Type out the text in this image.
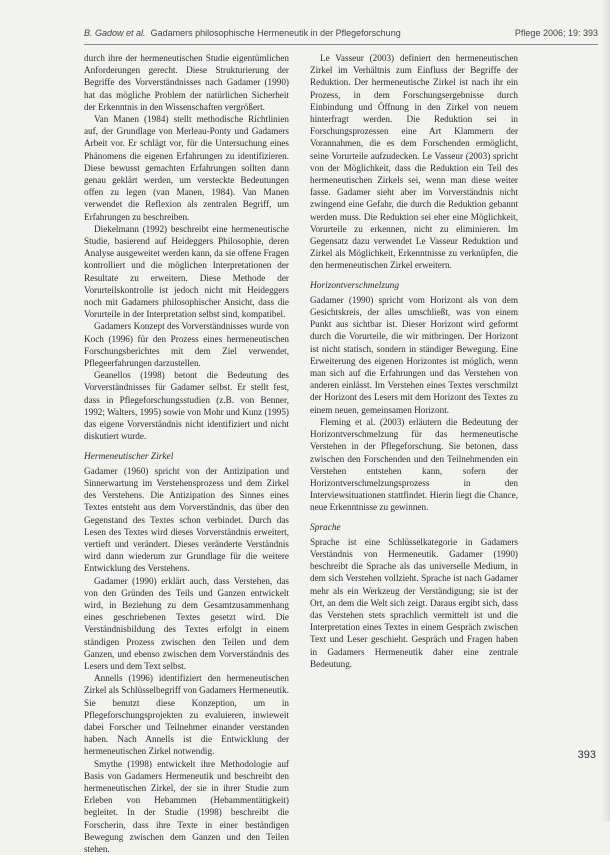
B. Gadow et al. Gadamers philosophische Hermeneutik in der Pflegeforschung	Pflege 2006; 19: 393

durch ihre der hermeneutischen Studie eigentümlichen Anforderungen gerecht. Diese Strukturierung der Begriffe des Vorverständnisses nach Gadamer (1990) hat das mögliche Problem der natürlichen Sicherheit der Erkenntnis in den Wissenschaften vergrößert.

Van Manen (1984) stellt methodische Richtlinien auf, der Grundlage von Merleau-Ponty und Gadamers Arbeit vor. Er schlägt vor, für die Untersuchung eines Phänomens die eigenen Erfahrungen zu identifizieren. Diese bewusst gemachten Erfahrungen sollten dann genau geklärt werden, um versteckte Bedeutungen offen zu legen (van Manen, 1984). Van Manen verwendet die Reflexion als zentralen Begriff, um Erfahrungen zu beschreiben.

Diekelmann (1992) beschreibt eine hermeneutische Studie, basierend auf Heideggers Philosophie, deren Analyse ausgeweitet werden kann, da sie offene Fragen kontrolliert und die möglichen Interpretationen der Resultate zu erweitern. Diese Methode der Vorurteilskontrolle ist jedoch nicht mit Heideggers noch mit Gadamers philosophischer Ansicht, dass die Vorurteile in der Interpretation selbst sind, kompatibel.

Gadamers Konzept des Vorverständnisses wurde von Koch (1996) für den Prozess eines hermeneutischen Forschungsberichtes mit dem Ziel verwendet, Pflegeerfahrungen darzustellen.

Geanellos (1998) betont die Bedeutung des Vorverständnisses für Gadamer selbst. Er stellt fest, dass in Pflegeforschungsstudien (z.B. von Benner, 1992; Walters, 1995) sowie von Mohr und Kunz (1995) das eigene Vorverständnis nicht identifiziert und nicht diskutiert wurde.

Hermeneutischer Zirkel

Gadamer (1960) spricht von der Antizipation und Sinnerwartung im Verstehensprozess und dem Zirkel des Verstehens. Die Antizipation des Sinnes eines Textes entsteht aus dem Vorverständnis, das über den Gegenstand des Textes schon verbindet. Durch das Lesen des Textes wird dieses Vorverständnis erweitert, vertieft und verändert. Dieses veränderte Verständnis wird dann wiederum zur Grundlage für die weitere Entwicklung des Verstehens.

Gadamer (1990) erklärt auch, dass Verstehen, das von den Gründen des Teils und Ganzen entwickelt wird, in Beziehung zu dem Gesamtzusammenhang eines geschriebenen Textes gesetzt wird. Die Verständnisbildung des Textes erfolgt in einem ständigen Prozess zwischen den Teilen und dem Ganzen, und ebenso zwischen dem Vorverständnis des Lesers und dem Text selbst.

Annells (1996) identifiziert den hermeneutischen Zirkel als Schlüsselbegriff von Gadamers Hermeneutik. Sie benutzt diese Konzeption, um in Pflegeforschungsprojekten zu evaluieren, inwieweit dabei Forscher und Teilnehmer einander verstanden haben. Nach Annells ist die Entwicklung der hermeneutischen Zirkel notwendig.

Smythe (1998) entwickelt ihre Methodologie auf Basis von Gadamers Hermeneutik und beschreibt den hermeneutischen Zirkel, der sie in ihrer Studie zum Erleben von Hebammen (Hebammentätigkeit) begleitet. In der Studie (1998) beschreibt die Forscherin, dass ihre Texte in einer beständigen Bewegung zwischen dem Ganzen und den Teilen stehen.

Le Vasseur (2003) definiert den hermeneutischen Zirkel im Verhältnis zum Einfluss der Begriffe der Reduktion. Der hermeneutische Zirkel ist nach ihr ein Prozess, in dem Forschungsergebnisse durch Einbindung und Öffnung in den Zirkel von neuem hinterfragt werden. Die Reduktion sei in Forschungsprozessen eine Art Klammern der Vorannahmen, die es dem Forschenden ermöglicht, seine Vorurteile aufzudecken. Le Vasseur (2003) spricht von der Möglichkeit, dass die Reduktion ein Teil des hermeneutischen Zirkels sei, wenn man diese weiter fasse. Gadamer sieht aber im Vorverständnis nicht zwingend eine Gefahr, die durch die Reduktion gebannt werden muss. Die Reduktion sei eher eine Möglichkeit, Vorurteile zu erkennen, nicht zu eliminieren. Im Gegensatz dazu verwendet Le Vasseur Reduktion und Zirkel als Möglichkeit, Erkenntnisse zu verknüpfen, die den hermeneutischen Zirkel erweitern.

Horizontverschmelzung

Gadamer (1990) spricht vom Horizont als von dem Gesichtskreis, der alles umschließt, was von einem Punkt aus sichtbar ist. Dieser Horizont wird geformt durch die Vorurteile, die wir mitbringen. Der Horizont ist nicht statisch, sondern in ständiger Bewegung. Eine Erweiterung des eigenen Horizontes ist möglich, wenn man sich auf die Erfahrungen und das Verstehen von anderen einlässt. Im Verstehen eines Textes verschmilzt der Horizont des Lesers mit dem Horizont des Textes zu einem neuen, gemeinsamen Horizont.

Fleming et al. (2003) erläutern die Bedeutung der Horizontverschmelzung für das hermeneutische Verstehen in der Pflegeforschung. Sie betonen, dass zwischen den Forschenden und den Teilnehmenden ein Verstehen entstehen kann, sofern der Horizontverschmelzungsprozess in den Interviewsituationen stattfindet. Hierin liegt die Chance, neue Erkenntnisse zu gewinnen.

Sprache

Sprache ist eine Schlüsselkategorie in Gadamers Verständnis von Hermeneutik. Gadamer (1990) beschreibt die Sprache als das universelle Medium, in dem sich Verstehen vollzieht. Sprache ist nach Gadamer mehr als ein Werkzeug der Verständigung; sie ist der Ort, an dem die Welt sich zeigt. Daraus ergibt sich, dass das Verstehen stets sprachlich vermittelt ist und die Interpretation eines Textes in einem Gespräch zwischen Text und Leser geschieht. Gespräch und Fragen haben in Gadamers Hermeneutik daher eine zentrale Bedeutung.

393
